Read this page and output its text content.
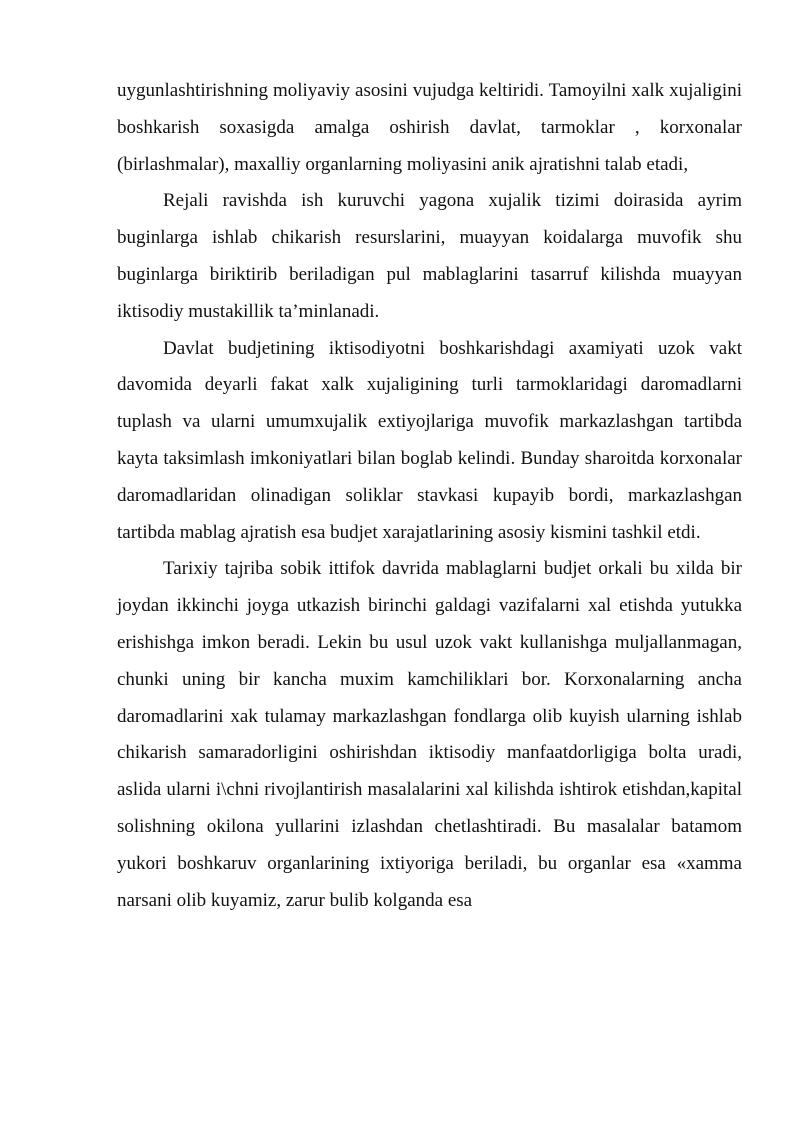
uygunlashtirishning moliyaviy asosini vujudga keltiridi. Tamoyilni xalk xujaligini boshkarish soxasigda amalga oshirish davlat, tarmoklar , korxonalar (birlashmalar), maxalliy organlarning moliyasini anik ajratishni talab etadi,

Rejali ravishda ish kuruvchi yagona xujalik tizimi doirasida ayrim buginlarga ishlab chikarish resurslarini, muayyan koidalarga muvofik shu buginlarga biriktirib beriladigan pul mablaglarini tasarruf kilishda muayyan iktisodiy mustakillik ta’minlanadi.

Davlat budjetining iktisodiyotni boshkarishdagi axamiyati uzok vakt davomida deyarli fakat xalk xujaligining turli tarmoklaridagi daromadlarni tuplash va ularni umumxujalik extiyojlariga muvofik markazlashgan tartibda kayta taksimlash imkoniyatlari bilan boglab kelindi. Bunday sharoitda korxonalar daromadlaridan olinadigan soliklar stavkasi kupayib bordi, markazlashgan tartibda mablag ajratish esa budjet xarajatlarining asosiy kismini tashkil etdi.

Tarixiy tajriba sobik ittifok davrida mablaglarni budjet orkali bu xilda bir joydan ikkinchi joyga utkazish birinchi galdagi vazifalarni xal etishda yutukka erishishga imkon beradi. Lekin bu usul uzok vakt kullanishga muljallanmagan, chunki uning bir kancha muxim kamchiliklari bor. Korxonalarning ancha daromadlarini xak tulamay markazlashgan fondlarga olib kuyish ularning ishlab chikarish samaradorligini oshirishdan iktisodiy manfaatdorligiga bolta uradi, aslida ularni i\chni rivojlantirish masalalarini xal kilishda ishtirok etishdan,kapital solishning okilona yullarini izlashdan chetlashtiradi. Bu masalalar batamom yukori boshkaruv organlarining ixtiyoriga beriladi, bu organlar esa «xamma narsani olib kuyamiz, zarur bulib kolganda esa
